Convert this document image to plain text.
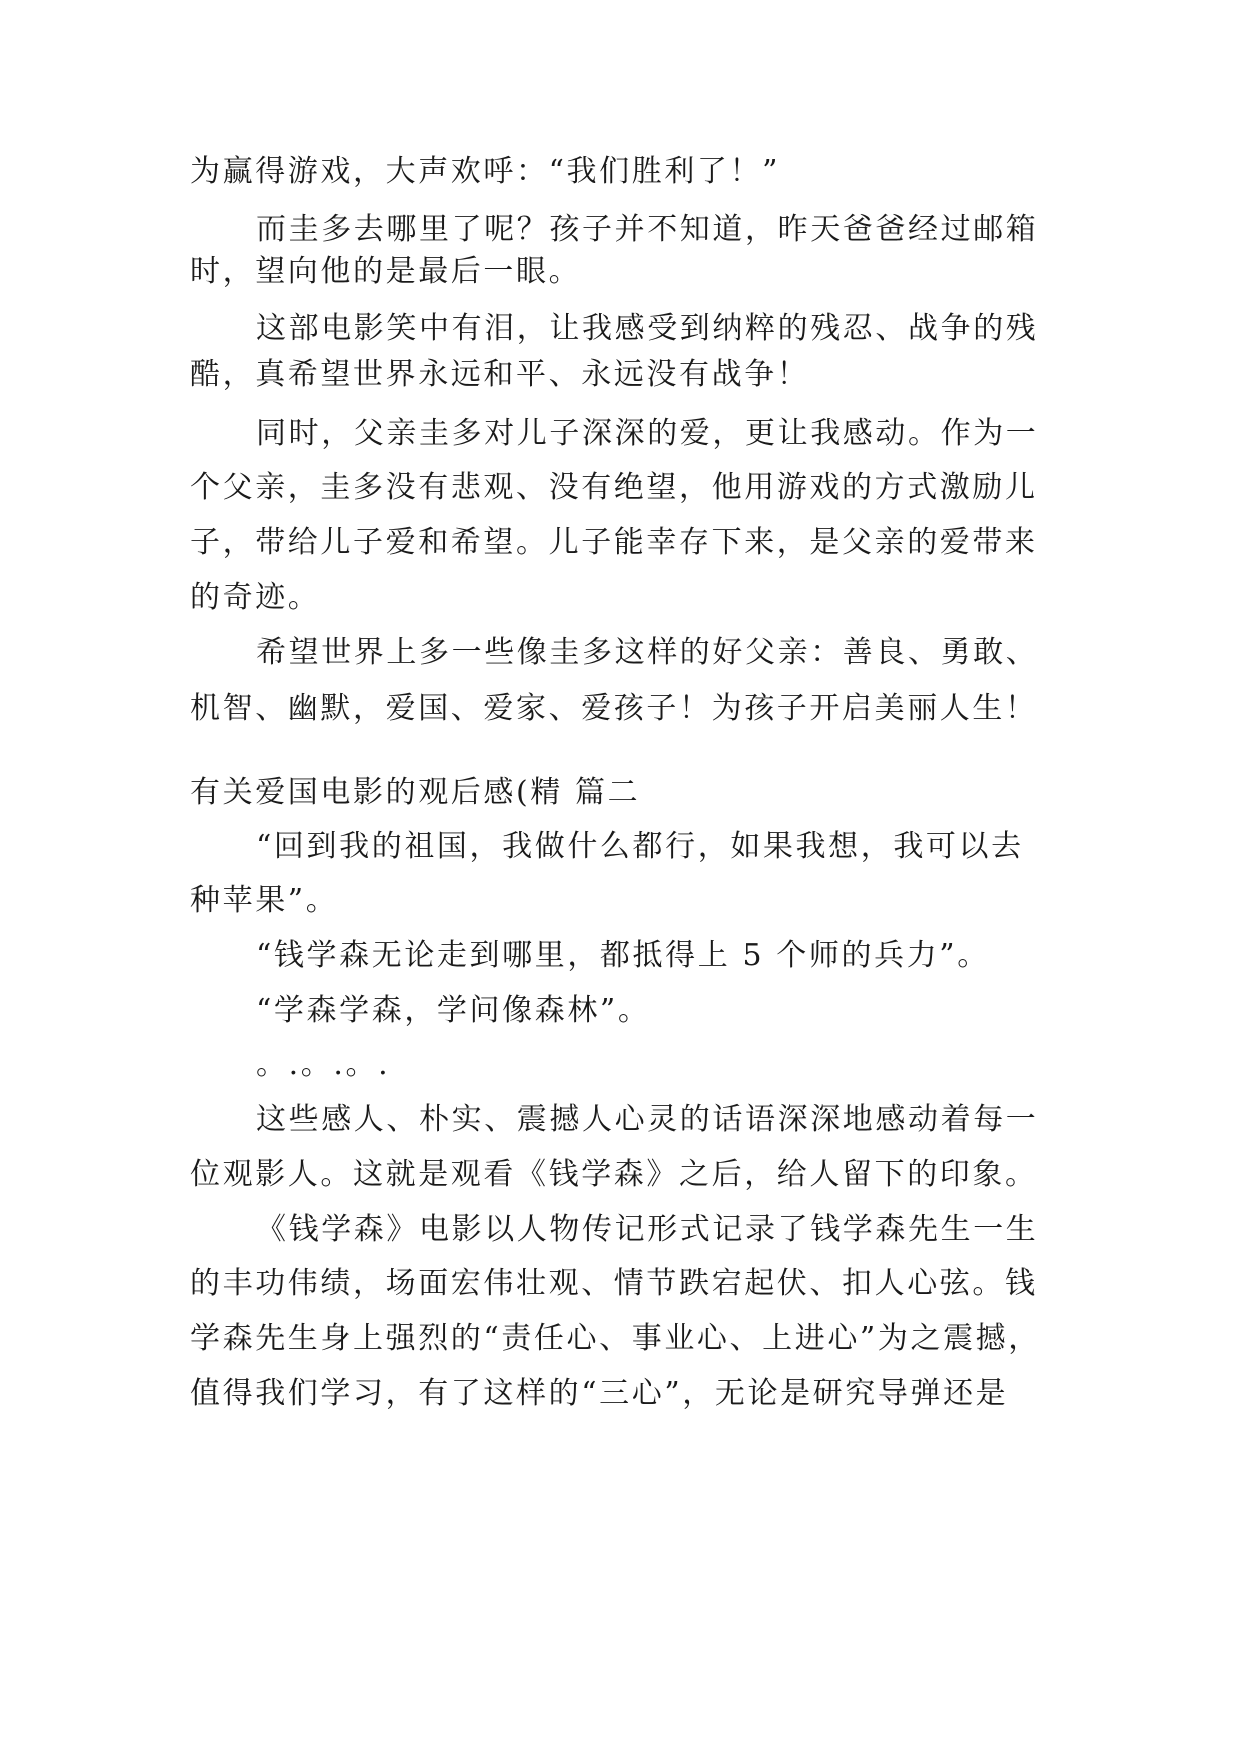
为赢得游戏，大声欢呼：“我们胜利了！”
而圭多去哪里了呢？孩子并不知道，昨天爸爸经过邮箱
时，望向他的是最后一眼。
这部电影笑中有泪，让我感受到纳粹的残忍、战争的残
酷，真希望世界永远和平、永远没有战争！
同时，父亲圭多对儿子深深的爱，更让我感动。作为一
个父亲，圭多没有悲观、没有绝望，他用游戏的方式激励儿
子，带给儿子爱和希望。儿子能幸存下来，是父亲的爱带来
的奇迹。
希望世界上多一些像圭多这样的好父亲：善良、勇敢、
机智、幽默，爱国、爱家、爱孩子！为孩子开启美丽人生！
有关爱国电影的观后感(精 篇二
“回到我的祖国，我做什么都行，如果我想，我可以去
种苹果”。
“钱学森无论走到哪里，都抵得上 5 个师的兵力”。
“学森学森，学问像森林”。
。.。.。.
这些感人、朴实、震撼人心灵的话语深深地感动着每一
位观影人。这就是观看《钱学森》之后，给人留下的印象。
《钱学森》电影以人物传记形式记录了钱学森先生一生
的丰功伟绩，场面宏伟壮观、情节跌宕起伏、扣人心弦。钱
学森先生身上强烈的“责任心、事业心、上进心”为之震撼，
值得我们学习，有了这样的“三心”，无论是研究导弹还是
